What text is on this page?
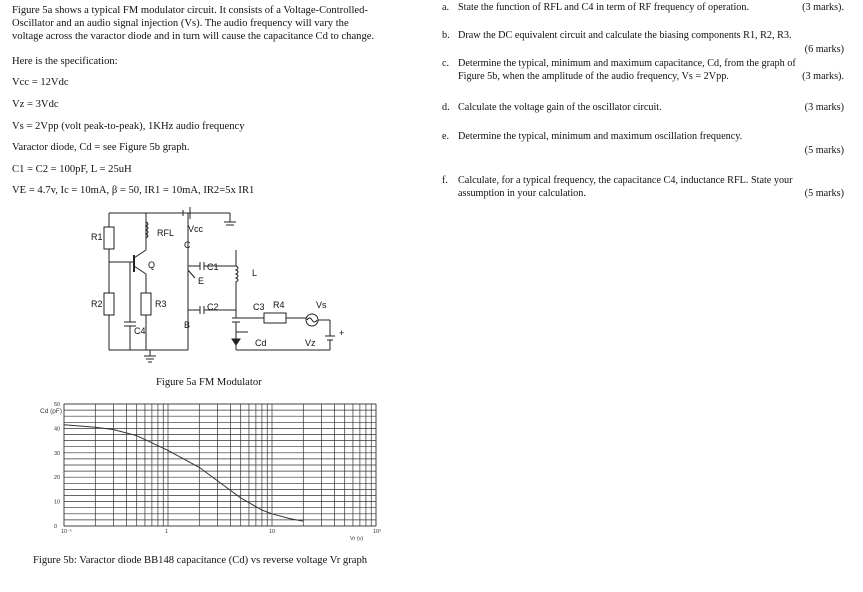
Figure 5a shows a typical FM modulator circuit. It consists of a Voltage-Controlled-
Oscillator and an audio signal injection (Vs). The audio frequency will vary the
voltage across the varactor diode and in turn will cause the capacitance Cd to change.
Here is the specification:
Vcc = 12Vdc
Vz = 3Vdc
Vs = 2Vpp (volt peak-to-peak), 1KHz audio frequency
Varactor diode, Cd = see Figure 5b graph.
C1 = C2 = 100pF, L = 25uH
VE = 4.7v, Ic = 10mA, β = 50, IR1 = 10mA, IR2=5x IR1
a. State the function of RFL and C4 in term of RF frequency of operation.	(3 marks).
b. Draw the DC equivalent circuit and calculate the biasing components R1, R2, R3.
(6 marks)
c. Determine the typical, minimum and maximum capacitance, Cd, from the graph of
Figure 5b, when the amplitude of the audio frequency, Vs = 2Vpp.	(3 marks).
d. Calculate the voltage gain of the oscillator circuit.	(3 marks)
e. Determine the typical, minimum and maximum oscillation frequency.
(5 marks)
f. Calculate, for a typical frequency, the capacitance C4, inductance RFL. State your
assumption in your calculation.	(5 marks)
R1
R2	R3	R4
Q
RFL Vcc
C
E
B
C1
C2	C3
C4
L
Cd
Vs
Vz
+
Figure 5a FM Modulator
0
10
20
30
40
50
10⁻¹	1	10	10²
Cd (pF)
Vr (v)
Figure 5b: Varactor diode BB148 capacitance (Cd) vs reverse voltage Vr graph
